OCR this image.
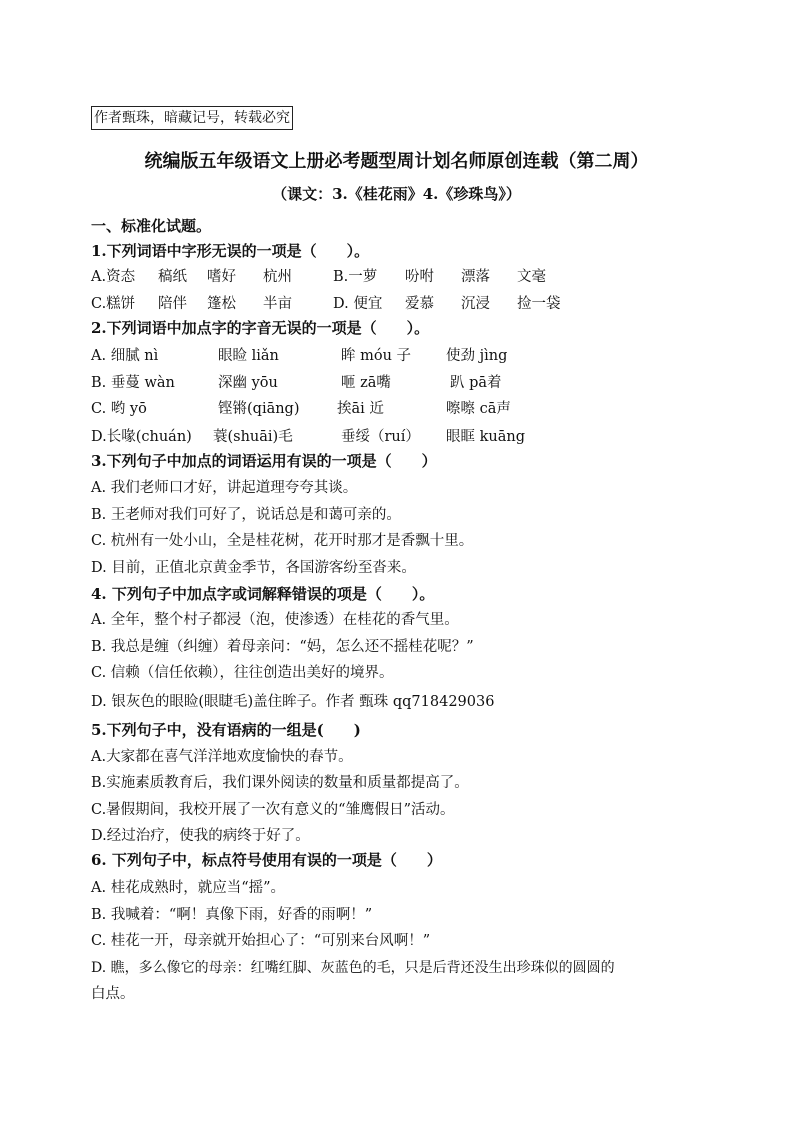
作者甄珠，暗藏记号，转载必究
统编版五年级语文上册必考题型周计划名师原创连载（第二周）
（课文：3.《桂花雨》4.《珍珠鸟》）
一、标准化试题。
1.下列词语中字形无误的一项是（　　）。
A.资态 稿纸 嗜好 杭州	B.一萝 吩咐 漂落 文毫
C.糕饼 陪伴 篷松 半亩	D. 便宜 爱慕 沉浸 捡一袋
2.下列词语中加点字的字音无误的一项是（　　）。
A. 细腻 nì	眼睑 liǎn	眸 móu 子 使劲 jìng
B. 垂蔓 wàn	深幽 yōu	咂 zā嘴	趴 pā着
C. 哟 yō	铿锵(qiāng)	挨āi 近	嚓嚓 cā声
D.长喙(chuán) 蓑(shuāi)毛	垂绥（ruí） 眼眶 kuāng
3.下列句子中加点的词语运用有误的一项是（　　）
A. 我们老师口才好，讲起道理夸夸其谈。
B. 王老师对我们可好了，说话总是和蔼可亲的。
C. 杭州有一处小山，全是桂花树，花开时那才是香飘十里。
D. 目前，正值北京黄金季节，各国游客纷至沓来。
4. 下列句子中加点字或词解释错误的项是（　　）。
A. 全年，整个村子都浸（泡，使渗透）在桂花的香气里。
B. 我总是缠（纠缠）着母亲问：“妈，怎么还不摇桂花呢？”
C. 信赖（信任依赖），往往创造出美好的境界。
D. 银灰色的眼睑(眼睫毛)盖住眸子。作者 甄珠 qq718429036
5.下列句子中，没有语病的一组是(　　)
A.大家都在喜气洋洋地欢度愉快的春节。
B.实施素质教育后，我们课外阅读的数量和质量都提高了。
C.暑假期间，我校开展了一次有意义的“雏鹰假日”活动。
D.经过治疗，使我的病终于好了。
6. 下列句子中，标点符号使用有误的一项是（　　）
A. 桂花成熟时，就应当“摇”。
B. 我喊着：“啊！真像下雨，好香的雨啊！”
C. 桂花一开，母亲就开始担心了：“可别来台风啊！”
D. 瞧，多么像它的母亲：红嘴红脚、灰蓝色的毛，只是后背还没生出珍珠似的圆圆的
白点。
